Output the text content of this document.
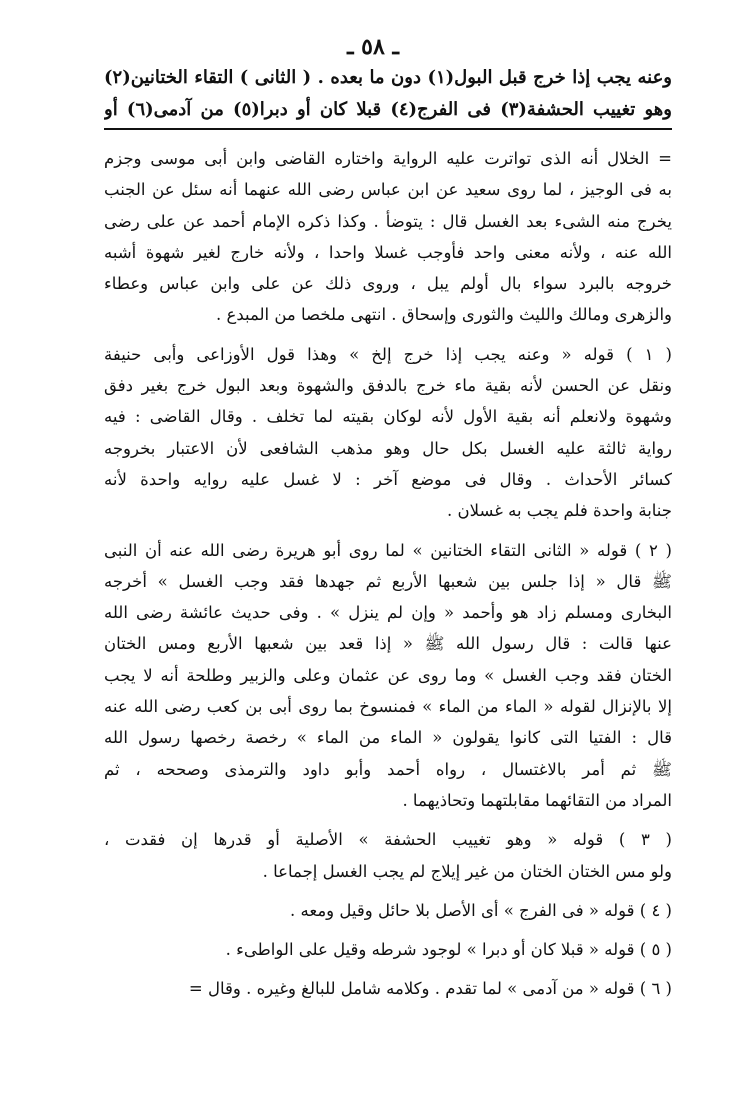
ـ ٥٨ ـ
وعنه يجب إذا خرج قبل البول(١) دون ما بعده . ( الثانى ) التقاء الختانين(٢)
وهو تغييب الحشفة(٣) فى الفرج(٤) قبلا كان أو دبرا(٥) من آدمى(٦) أو
= الخلال أنه الذى تواترت عليه الرواية واختاره القاضى وابن أبى موسى وجزم
به فى الوجيز ، لما روى سعيد عن ابن عباس رضى الله عنهما أنه سئل عن الجنب
يخرج منه الشىء بعد الغسل قال : يتوضأ . وكذا ذكره الإمام أحمد عن على رضى
الله عنه ، ولأنه معنى واحد فأوجب غسلا واحدا ، ولأنه خارج لغير شهوة أشبه
خروجه بالبرد سواء بال أولم يبل ، وروى ذلك عن على وابن عباس وعطاء
والزهرى ومالك والليث والثورى وإسحاق . انتهى ملخصا من المبدع .
( ١ ) قوله « وعنه يجب إذا خرج إلخ » وهذا قول الأوزاعى وأبى حنيفة
ونقل عن الحسن لأنه بقية ماء خرج بالدفق والشهوة وبعد البول خرج بغير دفق
وشهوة ولانعلم أنه بقية الأول لأنه لوكان بقيته لما تخلف . وقال القاضى : فيه
رواية ثالثة عليه الغسل بكل حال وهو مذهب الشافعى لأن الاعتبار بخروجه
كسائر الأحداث . وقال فى موضع آخر : لا غسل عليه روايه واحدة لأنه
جنابة واحدة فلم يجب به غسلان .
( ٢ ) قوله « الثانى التقاء الختانين » لما روى أبو هريرة رضى الله عنه أن النبى
ﷺ قال « إذا جلس بين شعبها الأربع ثم جهدها فقد وجب الغسل » أخرجه
البخارى ومسلم زاد هو وأحمد « وإن لم ينزل » . وفى حديث عائشة رضى الله
عنها قالت : قال رسول الله ﷺ « إذا قعد بين شعبها الأربع ومس الختان
الختان فقد وجب الغسل » وما روى عن عثمان وعلى والزبير وطلحة أنه لا يجب
إلا بالإنزال لقوله « الماء من الماء » فمنسوخ بما روى أبى بن كعب رضى الله عنه
قال : الفتيا التى كانوا يقولون « الماء من الماء » رخصة رخصها رسول الله
ﷺ ثم أمر بالاغتسال ، رواه أحمد وأبو داود والترمذى وصححه ، ثم
المراد من التقائهما مقابلتهما وتحاذيهما .
( ٣ ) قوله « وهو تغييب الحشفة » الأصلية أو قدرها إن فقدت ،
ولو مس الختان الختان من غير إيلاج لم يجب الغسل إجماعا .
( ٤ ) قوله « فى الفرج » أى الأصل بلا حائل وقيل ومعه .
( ٥ ) قوله « قبلا كان أو دبرا » لوجود شرطه وقيل على الواطىء .
( ٦ ) قوله « من آدمى » لما تقدم . وكلامه شامل للبالغ وغيره . وقال =
